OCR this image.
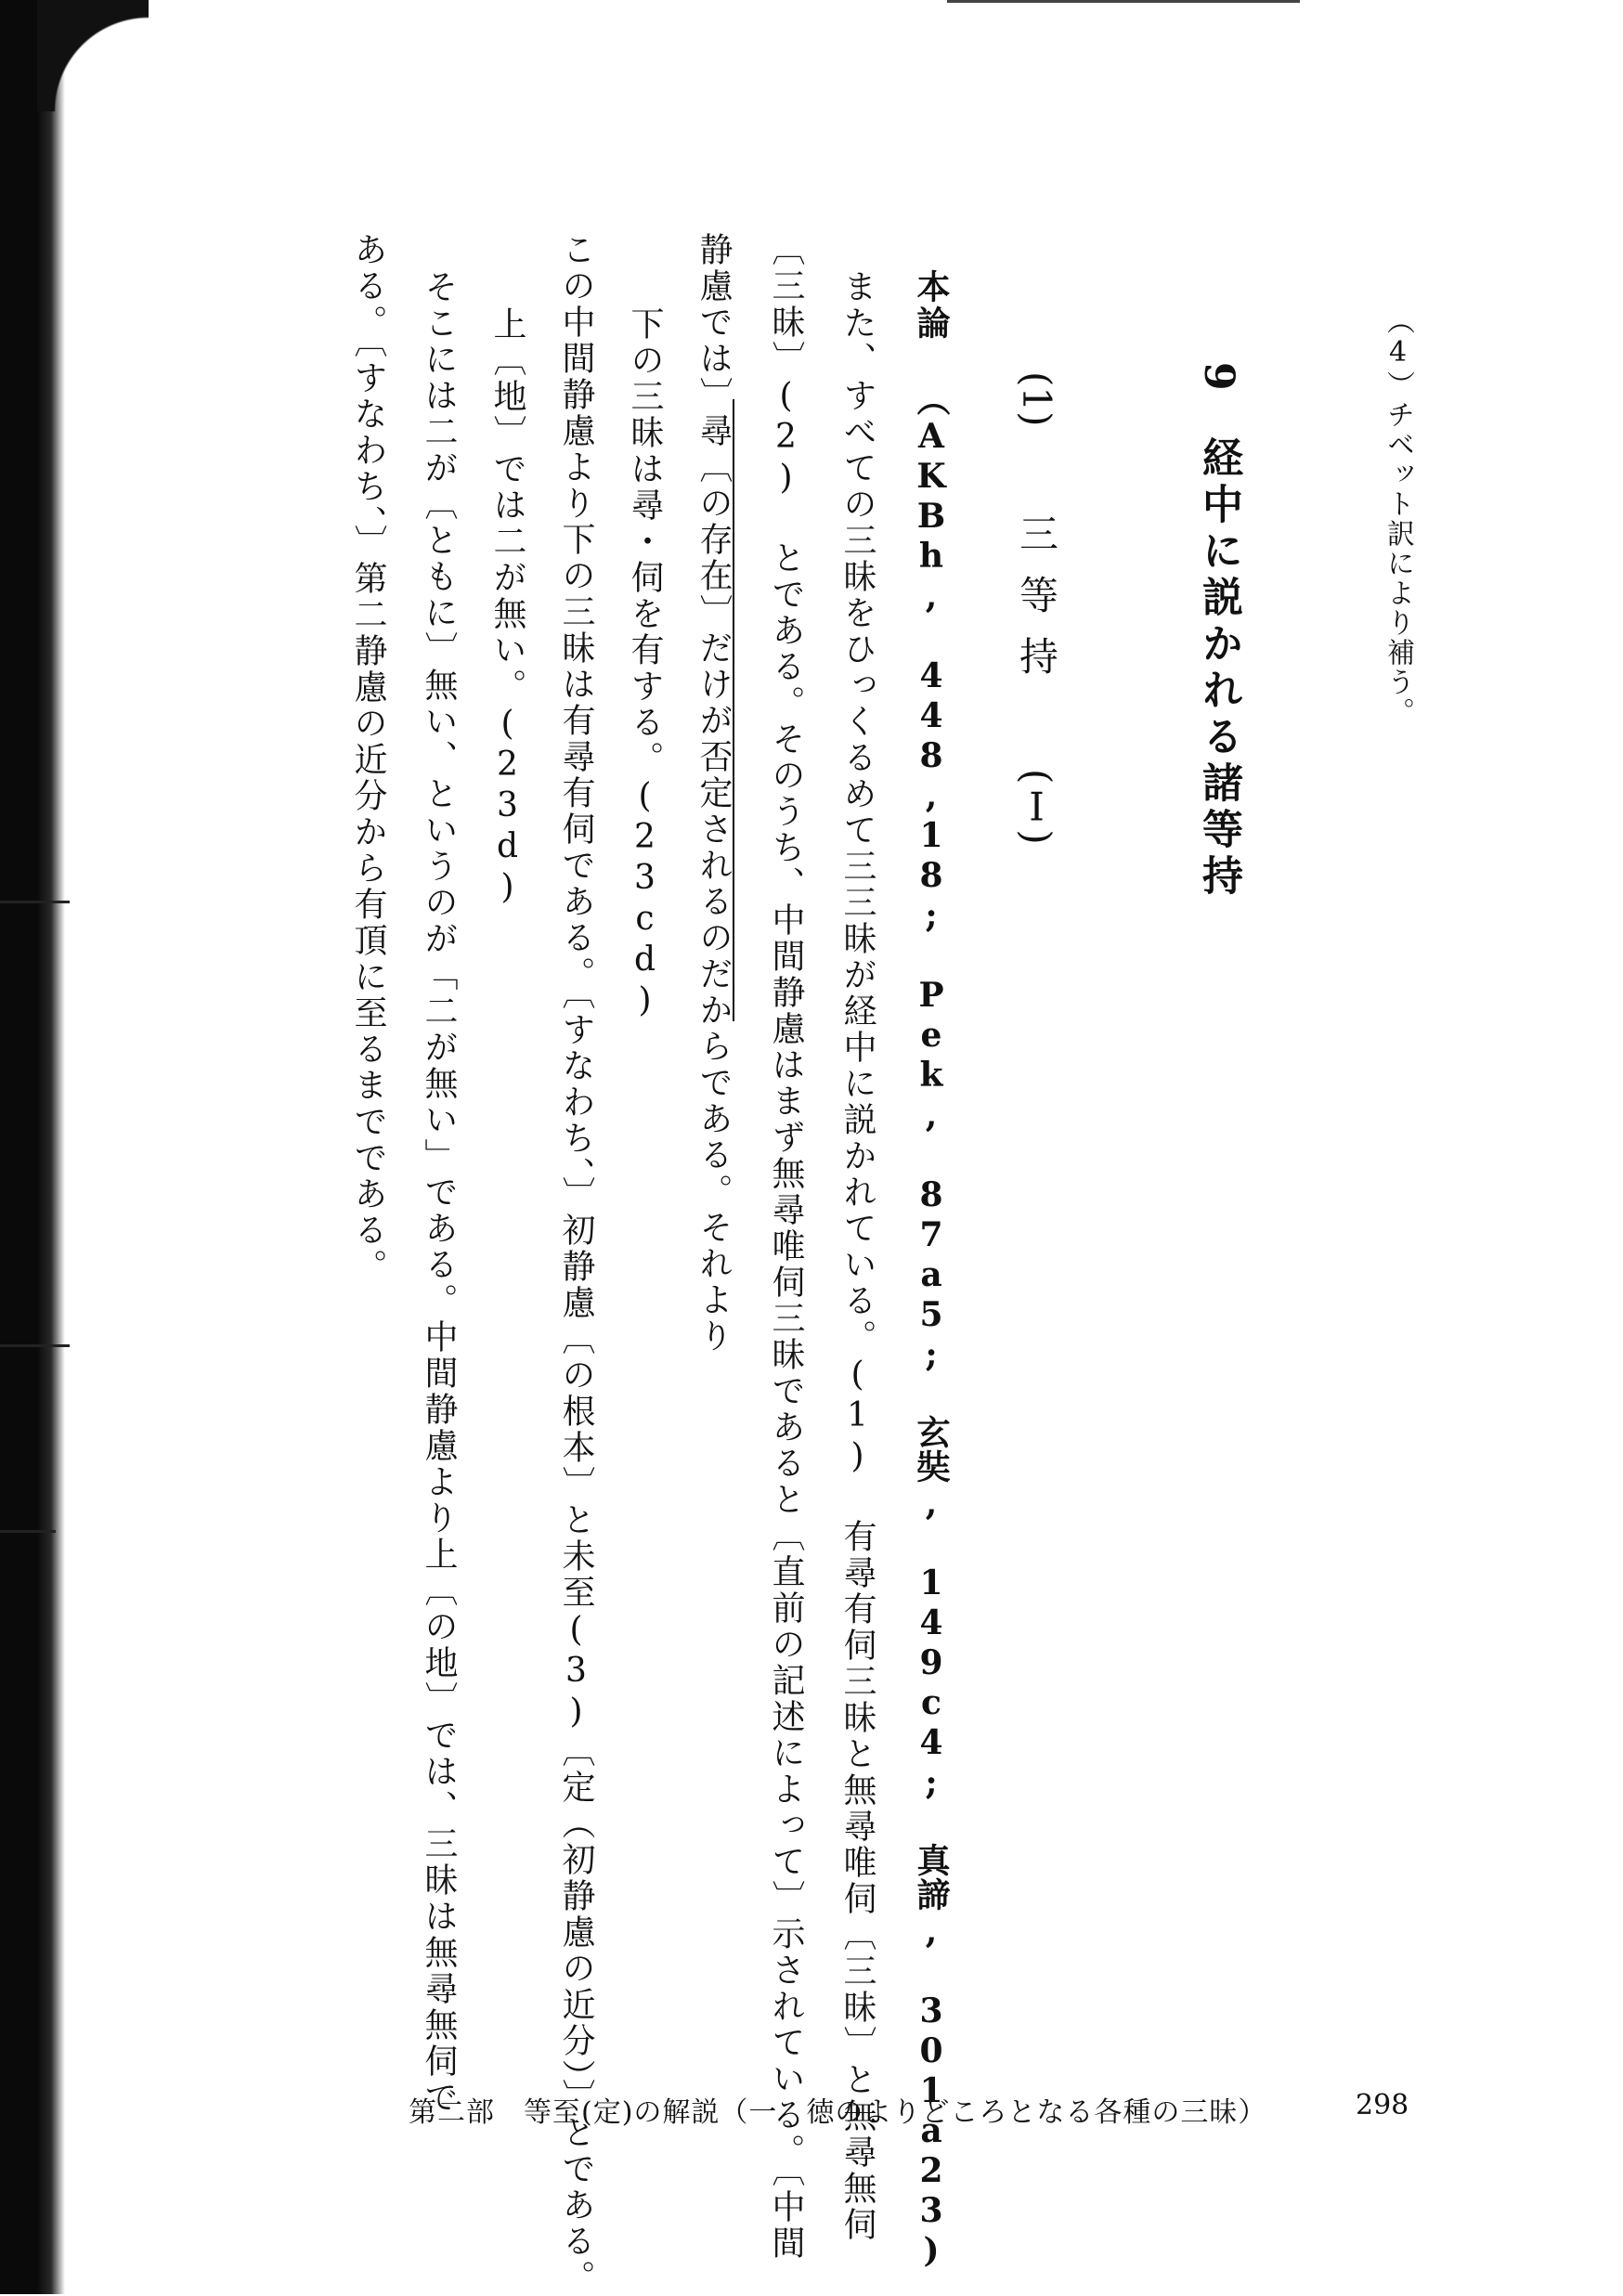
（4）チベット訳により補う。
9 経中に説かれる諸等持
(1) 三等持 (Ⅰ)
本論 （AKBh, 448,18; Pek, 87a5; 玄奘, 149c4; 真諦, 301a23)
また、すべての三昧をひっくるめて三三昧が経中に説かれている。(1) 有尋有伺三昧と無尋唯伺〔三昧〕と無尋無伺
〔三昧〕(2) とである。そのうち、中間静慮はまず無尋唯伺三昧であると〔直前の記述によって〕示されている。〔中間
静慮では〕尋〔の存在〕だけが否定されるのだからである。それより
下の三昧は尋・伺を有する。(23cd)
この中間静慮より下の三昧は有尋有伺である。〔すなわち、〕初静慮〔の根本〕と未至(3)〔定（初静慮の近分）〕とである。
上〔地〕では二が無い。(23d)
そこには二が〔ともに〕無い、というのが「二が無い」である。中間静慮より上〔の地〕では、三昧は無尋無伺で
ある。〔すなわち、〕第二静慮の近分から有頂に至るまでである。
第二部　等至(定)の解説（一　徳のよりどころとなる各種の三昧）	298
